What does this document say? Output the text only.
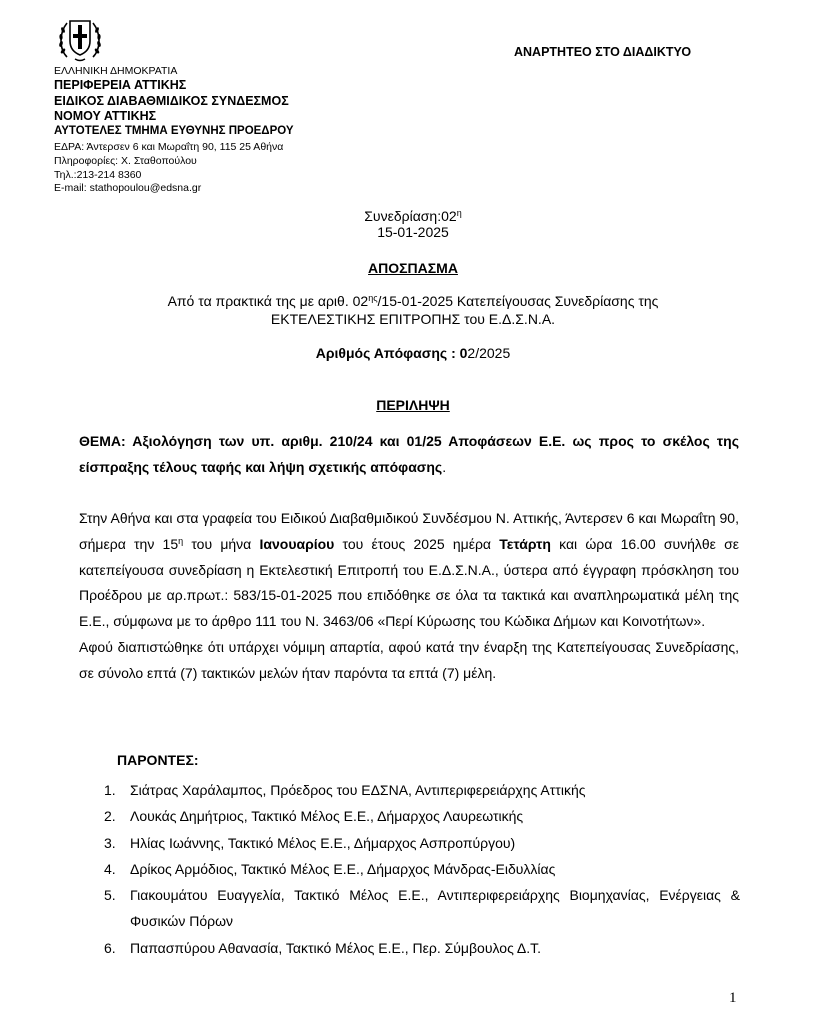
ΑΝΑΡΤΗΤΕΟ ΣΤΟ ΔΙΑΔΙΚΤΥΟ
ΕΛΛΗΝΙΚΗ ΔΗΜΟΚΡΑΤΙΑ
ΠΕΡΙΦΕΡΕΙΑ ΑΤΤΙΚΗΣ
ΕΙΔΙΚΟΣ ΔΙΑΒΑΘΜΙΔΙΚΟΣ ΣΥΝΔΕΣΜΟΣ
ΝΟΜΟΥ ΑΤΤΙΚΗΣ
ΑΥΤΟΤΕΛΕΣ ΤΜΗΜΑ ΕΥΘΥΝΗΣ ΠΡΟΕΔΡΟΥ
ΕΔΡΑ: Άντερσεν 6 και Μωραΐτη 90, 115 25 Αθήνα
Πληροφορίες: Χ. Σταθοπούλου
Τηλ.:213-214 8360
E-mail: stathopoulou@edsna.gr
$\Sigma\upsilon\nu\varepsilon\delta\rho ί\alpha\sigma\eta:02^\eta$
15-01-2025
ΑΠΟΣΠΑΣΜΑ
Από τα πρακτικά της με αριθ. $02^{\eta\varsigma}/15-01-2025$ Κατεπείγουσας Συνεδρίασης της
ΕΚΤΕΛΕΣΤΙΚΗΣ ΕΠΙΤΡΟΠΗΣ του Ε.Δ.Σ.Ν.Α.
Αριθμός Απόφασης : 02/2025
ΠΕΡΙΛΗΨΗ
ΘΕΜΑ: Αξιολόγηση των υπ. αριθμ. 210/24 και 01/25 Αποφάσεων Ε.Ε. ως προς το σκέλος της είσπραξης τέλους ταφής και λήψη σχετικής απόφασης.
Στην Αθήνα και στα γραφεία του Ειδικού Διαβαθμιδικού Συνδέσμου Ν. Αττικής, Άντερσεν 6 και Μωραΐτη 90, σήμερα την $15^\eta$ του μήνα Ιανουαρίου του έτους 2025 ημέρα Τετάρτη και ώρα 16.00 συνήλθε σε κατεπείγουσα συνεδρίαση η Εκτελεστική Επιτροπή του Ε.Δ.Σ.Ν.Α., ύστερα από έγγραφη πρόσκληση του Προέδρου με αρ.πρωτ.: 583/15-01-2025 που επιδόθηκε σε όλα τα τακτικά και αναπληρωματικά μέλη της Ε.Ε., σύμφωνα με το άρθρο 111 του Ν. 3463/06 «Περί Κύρωσης του Κώδικα Δήμων και Κοινοτήτων».
Αφού διαπιστώθηκε ότι υπάρχει νόμιμη απαρτία, αφού κατά την έναρξη της Κατεπείγουσας Συνεδρίασης, σε σύνολο επτά (7) τακτικών μελών ήταν παρόντα τα επτά (7) μέλη.
ΠΑΡΟΝΤΕΣ:
1. Σιάτρας Χαράλαμπος, Πρόεδρος του ΕΔΣΝΑ, Αντιπεριφερειάρχης Αττικής
2. Λουκάς Δημήτριος, Τακτικό Μέλος Ε.Ε., Δήμαρχος Λαυρεωτικής
3. Ηλίας Ιωάννης, Τακτικό Μέλος Ε.Ε., Δήμαρχος Ασπροπύργου)
4. Δρίκος Αρμόδιος, Τακτικό Μέλος Ε.Ε., Δήμαρχος Μάνδρας-Ειδυλλίας
5. Γιακουμάτου Ευαγγελία, Τακτικό Μέλος Ε.Ε., Αντιπεριφερειάρχης Βιομηχανίας, Ενέργειας & Φυσικών Πόρων
6. Παπασπύρου Αθανασία, Τακτικό Μέλος Ε.Ε., Περ. Σύμβουλος Δ.Τ.
1
